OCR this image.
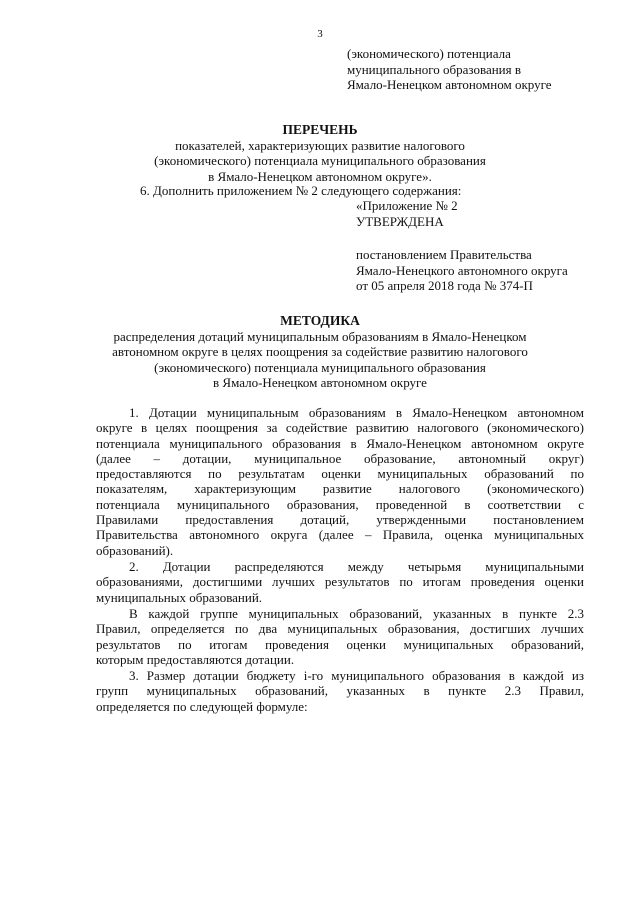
3
(экономического) потенциала
муниципального образования в
Ямало-Ненецком автономном округе
ПЕРЕЧЕНЬ
показателей, характеризующих развитие налогового
(экономического) потенциала муниципального образования
в Ямало-Ненецком автономном округе».
6. Дополнить приложением № 2 следующего содержания:
«Приложение № 2
УТВЕРЖДЕНА
постановлением Правительства
Ямало-Ненецкого автономного округа
от 05 апреля 2018 года № 374-П
МЕТОДИКА
распределения дотаций муниципальным образованиям в Ямало-Ненецком
автономном округе в целях поощрения за содействие развитию налогового
(экономического) потенциала муниципального образования
в Ямало-Ненецком автономном округе
1. Дотации муниципальным образованиям в Ямало-Ненецком автономном
округе в целях поощрения за содействие развитию налогового (экономического)
потенциала муниципального образования в Ямало-Ненецком автономном округе
(далее – дотации, муниципальное образование, автономный округ)
предоставляются по результатам оценки муниципальных образований по
показателям, характеризующим развитие налогового (экономического)
потенциала муниципального образования, проведенной в соответствии с
Правилами предоставления дотаций, утвержденными постановлением
Правительства автономного округа (далее – Правила, оценка муниципальных
образований).
2. Дотации распределяются между четырьмя муниципальными
образованиями, достигшими лучших результатов по итогам проведения оценки
муниципальных образований.
В каждой группе муниципальных образований, указанных в пункте 2.3
Правил, определяется по два муниципальных образования, достигших лучших
результатов по итогам проведения оценки муниципальных образований,
которым предоставляются дотации.
3. Размер дотации бюджету i-го муниципального образования в каждой из
групп муниципальных образований, указанных в пункте 2.3 Правил,
определяется по следующей формуле:
